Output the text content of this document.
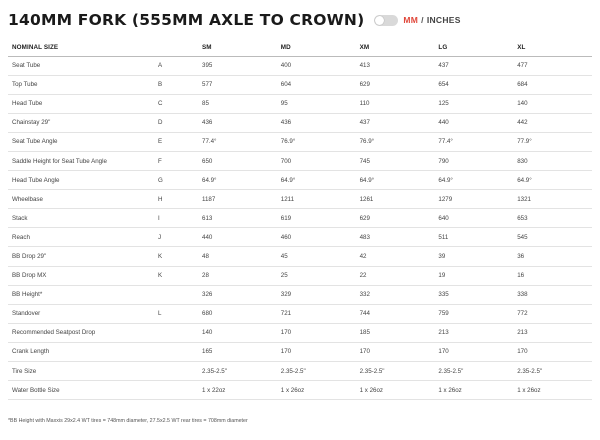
140MM FORK (555MM AXLE TO CROWN)	MM / INCHES
NOMINAL SIZE		SM	MD	XM	LG	XL
Seat Tube	A	395	400	413	437	477
Top Tube	B	577	604	629	654	684
Head Tube	C	85	95	110	125	140
Chainstay 29"	D	436	436	437	440	442
Seat Tube Angle	E	77.4°	76.9°	76.9°	77.4°	77.9°
Saddle Height for Seat Tube Angle	F	650	700	745	790	830
Head Tube Angle	G	64.9°	64.9°	64.9°	64.9°	64.9°
Wheelbase	H	1187	1211	1261	1279	1321
Stack	I	613	619	629	640	653
Reach	J	440	460	483	511	545
BB Drop 29"	K	48	45	42	39	36
BB Drop MX	K	28	25	22	19	16
BB Height*		326	329	332	335	338
Standover	L	680	721	744	759	772
Recommended Seatpost Drop		140	170	185	213	213
Crank Length		165	170	170	170	170
Tire Size		2.35-2.5"	2.35-2.5"	2.35-2.5"	2.35-2.5"	2.35-2.5"
Water Bottle Size		1 x 22oz	1 x 26oz	1 x 26oz	1 x 26oz	1 x 26oz
*BB Height with Maxxis 29x2.4 WT tires = 748mm diameter, 27.5x2.5 WT rear tires = 708mm diameter
